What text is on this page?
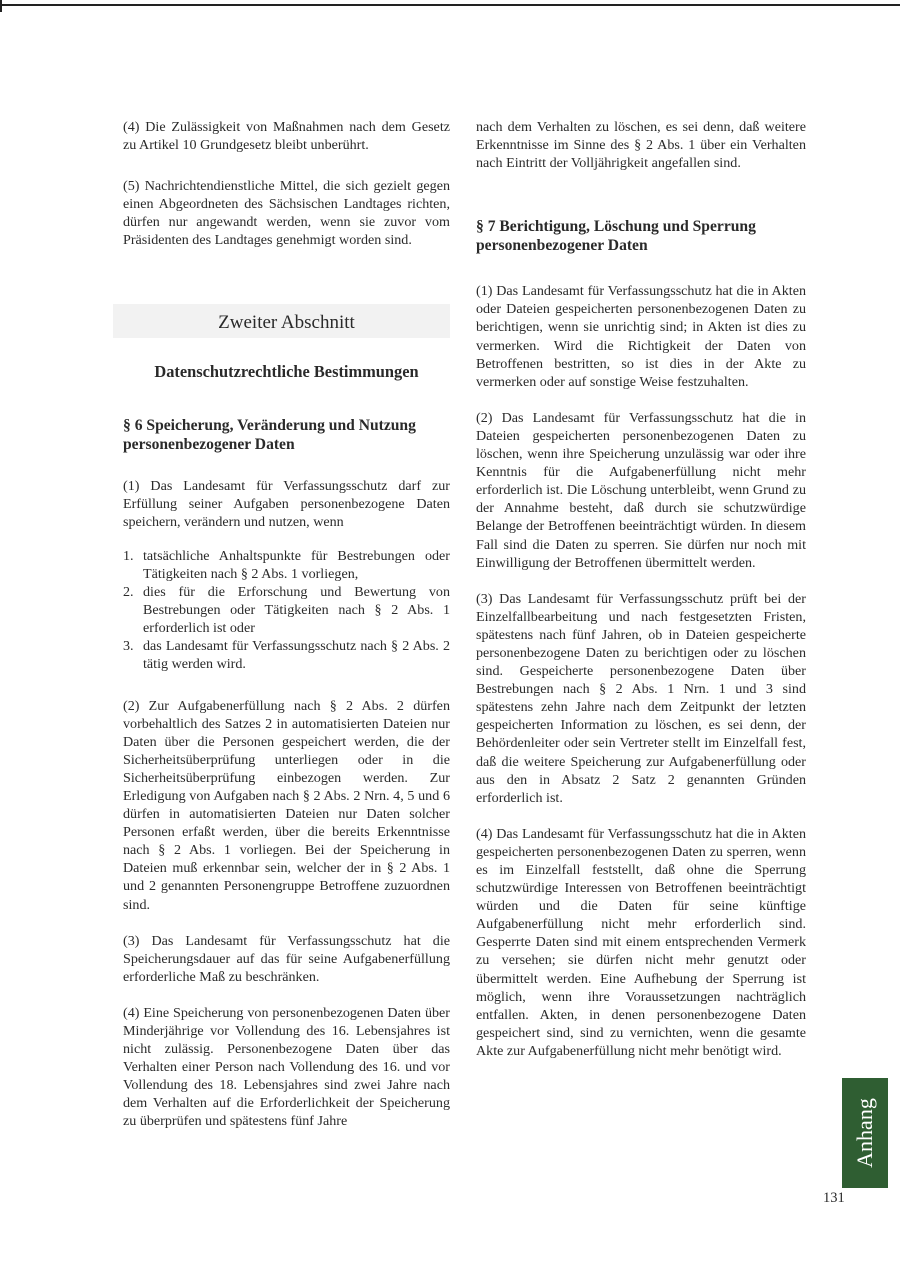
(4) Die Zulässigkeit von Maßnahmen nach dem Gesetz zu Artikel 10 Grundgesetz bleibt unberührt.

(5) Nachrichtendienstliche Mittel, die sich gezielt gegen einen Abgeordneten des Sächsischen Landtages richten, dürfen nur angewandt werden, wenn sie zuvor vom Präsidenten des Landtages genehmigt worden sind.

Zweiter Abschnitt
Datenschutzrechtliche Bestimmungen
§ 6 Speicherung, Veränderung und Nutzung personenbezogener Daten

(1) Das Landesamt für Verfassungsschutz darf zur Erfüllung seiner Aufgaben personenbezogene Daten speichern, verändern und nutzen, wenn

1. tatsächliche Anhaltspunkte für Bestrebungen oder Tätigkeiten nach § 2 Abs. 1 vorliegen,
2. dies für die Erforschung und Bewertung von Bestrebungen oder Tätigkeiten nach § 2 Abs. 1 erforderlich ist oder
3. das Landesamt für Verfassungsschutz nach § 2 Abs. 2 tätig werden wird.

(2) Zur Aufgabenerfüllung nach § 2 Abs. 2 dürfen vorbehaltlich des Satzes 2 in automatisierten Dateien nur Daten über die Personen gespeichert werden, die der Sicherheitsüberprüfung unterliegen oder in die Sicherheitsüberprüfung einbezogen werden. Zur Erledigung von Aufgaben nach § 2 Abs. 2 Nrn. 4, 5 und 6 dürfen in automatisierten Dateien nur Daten solcher Personen erfaßt werden, über die bereits Erkenntnisse nach § 2 Abs. 1 vorliegen. Bei der Speicherung in Dateien muß erkennbar sein, welcher der in § 2 Abs. 1 und 2 genannten Personengruppe Betroffene zuzuordnen sind.

(3) Das Landesamt für Verfassungsschutz hat die Speicherungsdauer auf das für seine Aufgabenerfüllung erforderliche Maß zu beschränken.

(4) Eine Speicherung von personenbezogenen Daten über Minderjährige vor Vollendung des 16. Lebensjahres ist nicht zulässig. Personenbezogene Daten über das Verhalten einer Person nach Vollendung des 16. und vor Vollendung des 18. Lebensjahres sind zwei Jahre nach dem Verhalten auf die Erforderlichkeit der Speicherung zu überprüfen und spätestens fünf Jahre

nach dem Verhalten zu löschen, es sei denn, daß weitere Erkenntnisse im Sinne des § 2 Abs. 1 über ein Verhalten nach Eintritt der Volljährigkeit angefallen sind.

§ 7 Berichtigung, Löschung und Sperrung personenbezogener Daten

(1) Das Landesamt für Verfassungsschutz hat die in Akten oder Dateien gespeicherten personenbezogenen Daten zu berichtigen, wenn sie unrichtig sind; in Akten ist dies zu vermerken. Wird die Richtigkeit der Daten von Betroffenen bestritten, so ist dies in der Akte zu vermerken oder auf sonstige Weise festzuhalten.

(2) Das Landesamt für Verfassungsschutz hat die in Dateien gespeicherten personenbezogenen Daten zu löschen, wenn ihre Speicherung unzulässig war oder ihre Kenntnis für die Aufgabenerfüllung nicht mehr erforderlich ist. Die Löschung unterbleibt, wenn Grund zu der Annahme besteht, daß durch sie schutzwürdige Belange der Betroffenen beeinträchtigt würden. In diesem Fall sind die Daten zu sperren. Sie dürfen nur noch mit Einwilligung der Betroffenen übermittelt werden.

(3) Das Landesamt für Verfassungsschutz prüft bei der Einzelfallbearbeitung und nach festgesetzten Fristen, spätestens nach fünf Jahren, ob in Dateien gespeicherte personenbezogene Daten zu berichtigen oder zu löschen sind. Gespeicherte personenbezogene Daten über Bestrebungen nach § 2 Abs. 1 Nrn. 1 und 3 sind spätestens zehn Jahre nach dem Zeitpunkt der letzten gespeicherten Information zu löschen, es sei denn, der Behördenleiter oder sein Vertreter stellt im Einzelfall fest, daß die weitere Speicherung zur Aufgabenerfüllung oder aus den in Absatz 2 Satz 2 genannten Gründen erforderlich ist.

(4) Das Landesamt für Verfassungsschutz hat die in Akten gespeicherten personenbezogenen Daten zu sperren, wenn es im Einzelfall feststellt, daß ohne die Sperrung schutzwürdige Interessen von Betroffenen beeinträchtigt würden und die Daten für seine künftige Aufgabenerfüllung nicht mehr erforderlich sind. Gesperrte Daten sind mit einem entsprechenden Vermerk zu versehen; sie dürfen nicht mehr genutzt oder übermittelt werden. Eine Aufhebung der Sperrung ist möglich, wenn ihre Voraussetzungen nachträglich entfallen. Akten, in denen personenbezogene Daten gespeichert sind, sind zu vernichten, wenn die gesamte Akte zur Aufgabenerfüllung nicht mehr benötigt wird.

Anhang
131
